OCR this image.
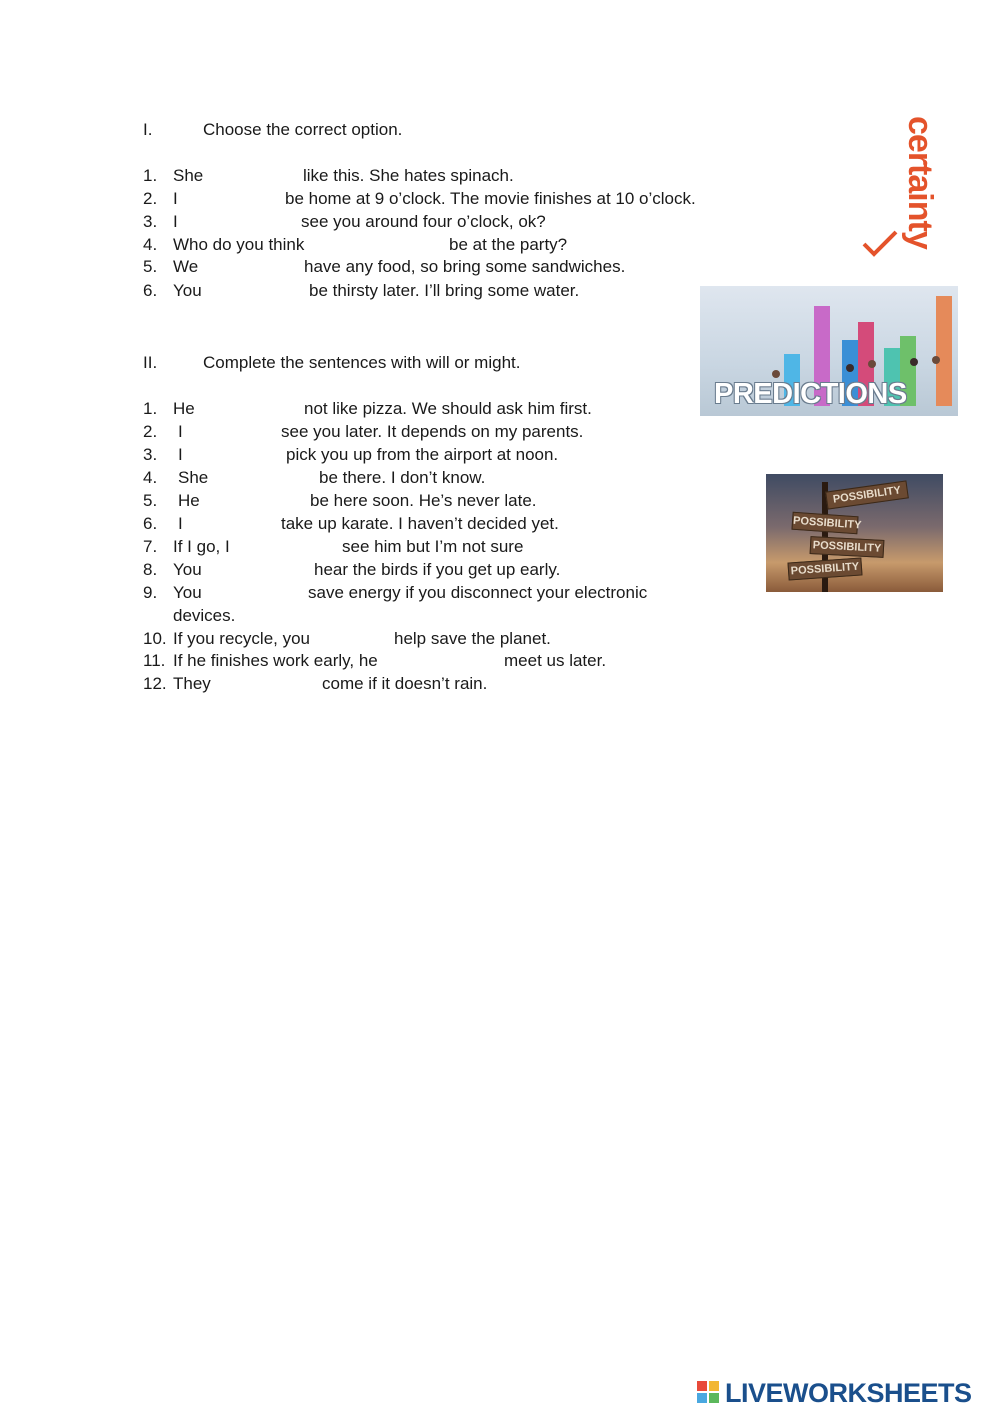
I.	Choose the correct option.
1. She	like this. She hates spinach.
2. I	be home at 9 o’clock. The movie finishes at 10 o’clock.
3. I	see you around four o’clock, ok?
4. Who do you think	be at the party?
5. We	have any food, so bring some sandwiches.
6. You	be thirsty later. I’ll bring some water.
II.	Complete the sentences with will or might.
1. He	not like pizza. We should ask him first.
2. I	see you later. It depends on my parents.
3. I	pick you up from the airport at noon.
4. She	be there. I don’t know.
5. He	be here soon. He’s never late.
6. I	take up karate. I haven’t decided yet.
7. If I go, I	see him but I’m not sure
8. You	hear the birds if you get up early.
9. You	save energy if you disconnect your electronic
devices.
10. If you recycle, you	help save the planet.
11. If he finishes work early, he	meet us later.
12. They	come if it doesn’t rain.
certainty
PREDICTIONS
POSSIBILITY
POSSIBILITY
POSSIBILITY
POSSIBILITY
LIVEWORKSHEETS
